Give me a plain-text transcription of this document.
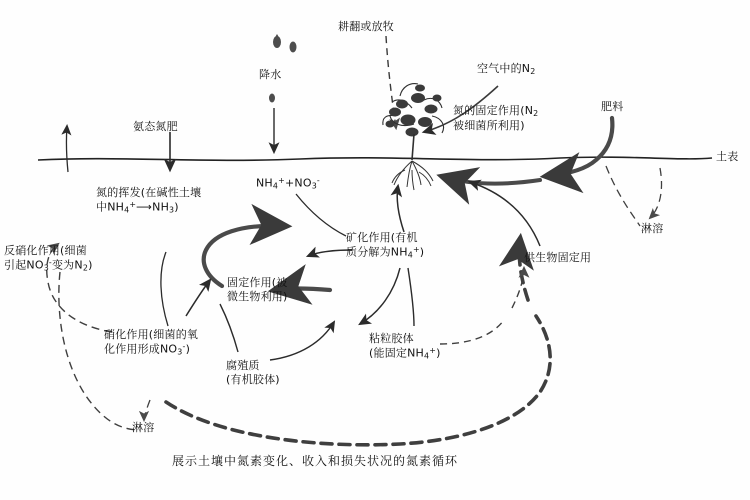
耕翻或放牧
降水	空气中的$N_2$
肥料
氨态氮肥
氮的固定作用($N_2$
被细菌所利用)
土表
$NH_4^++NO_3^-$
氮的挥发(在碱性土壤
中$NH_4^+⟶NH_3$)
淋溶
反硝化作用(细菌
引起$NO_3^-$变为$N_2$)
矿化作用(有机
质分解为$NH_4^+$)	供生物固定用
固定作用(被
微生物利用)
硝化作用(细菌的氧
化作用形成$NO_3^-$)
粘粒胶体
(能固定$NH_4^+$)
腐殖质
(有机胶体)
淋溶
展示土壤中氮素变化、收入和损失状况的氮素循环
